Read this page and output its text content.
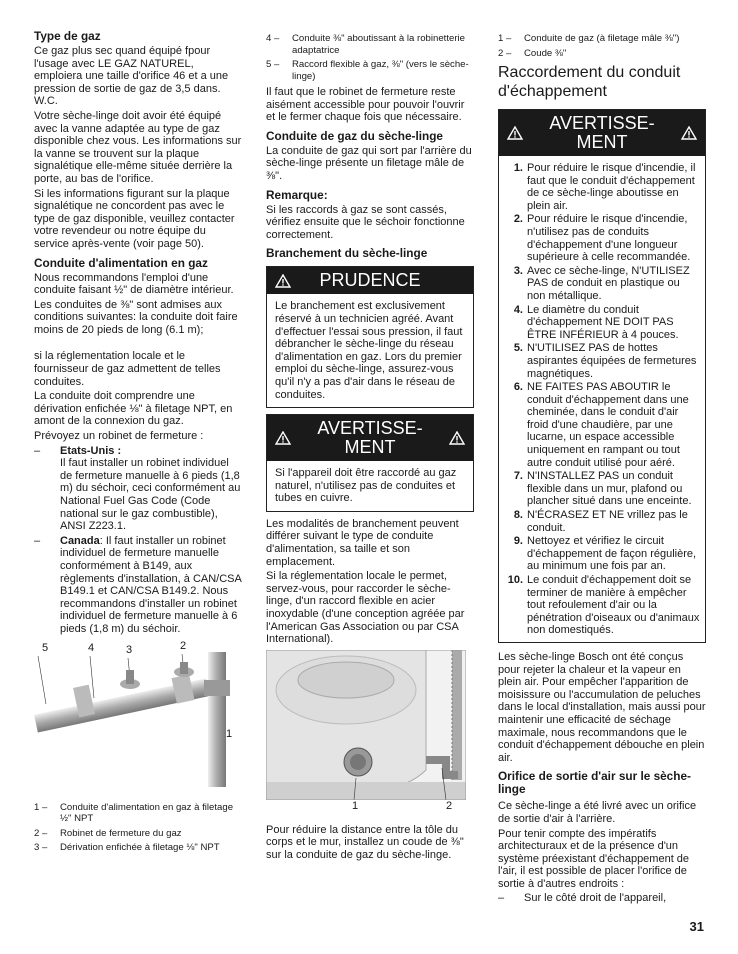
Type de gaz

Ce gaz plus sec quand équipé fpour l'usage avec LE GAZ NATUREL, emploiera une taille d'orifice 46 et a une pression de sortie de gaz de 3,5 dans. W.C.

Votre sèche-linge doit avoir été équipé avec la vanne adaptée au type de gaz disponible chez vous. Les informations sur la vanne se trouvent sur la plaque signalétique elle-même située derrière la porte, au bas de l'orifice.

Si les informations figurant sur la plaque signalétique ne concordent pas avec le type de gaz disponible, veuillez contacter votre revendeur ou notre équipe du service après-vente (voir page 50).

Conduite d'alimentation en gaz

Nous recommandons l'emploi d'une conduite faisant ½" de diamètre intérieur.

Les conduites de ⅜" sont admises aux conditions suivantes: la conduite doit faire moins de 20 pieds de long (6.1 m);

si la réglementation locale et le fournisseur de gaz admettent de telles conduites.

La conduite doit comprendre une dérivation enfichée ⅛" à filetage NPT, en amont de la connexion du gaz.

Prévoyez un robinet de fermeture :

–	Etats-Unis :
Il faut installer un robinet individuel de fermeture manuelle à 6 pieds (1,8 m) du séchoir, ceci conformément au National Fuel Gas Code (Code national sur le gaz combustible), ANSI Z223.1.
–	Canada: Il faut installer un robinet individuel de fermeture manuelle conformément à B149, aux règlements d'installation, à CAN/CSA B149.1 et CAN/CSA B149.2. Nous recommandons d'installer un robinet individuel de fermeture manuelle à 6 pieds (1,8 m) du séchoir.
5	4	3	2
1
1 –	Conduite d'alimentation en gaz à filetage ½" NPT
2 –	Robinet de fermeture du gaz
3 –	Dérivation enfichée à filetage ⅛" NPT
4 –	Conduite ⅜" aboutissant à la robinetterie adaptatrice
5 –	Raccord flexible à gaz, ⅜" (vers le sèche-linge)

Il faut que le robinet de fermeture reste aisément accessible pour pouvoir l'ouvrir et le fermer chaque fois que nécessaire.

Conduite de gaz du sèche-linge

La conduite de gaz qui sort par l'arrière du sèche-linge présente un filetage mâle de ⅜".

Remarque:

Si les raccords à gaz se sont cassés, vérifiez ensuite que le séchoir fonctionne correctement.

Branchement du sèche-linge
PRUDENCE
Le branchement est exclusivement réservé à un technicien agréé. Avant d'effectuer l'essai sous pression, il faut débrancher le sèche-linge du réseau d'alimentation en gaz. Lors du premier emploi du sèche-linge, assurez-vous qu'il n'y a pas d'air dans le réseau de conduites.
AVERTISSE-MENT
Si l'appareil doit être raccordé au gaz naturel, n'utilisez pas de conduites et tubes en cuivre.

Les modalités de branchement peuvent différer suivant le type de conduite d'alimentation, sa taille et son emplacement.

Si la réglementation locale le permet, servez-vous, pour raccorder le sèche-linge, d'un raccord flexible en acier inoxydable (d'une conception agréée par l'American Gas Association ou par CSA International).

1	2

Pour réduire la distance entre la tôle du corps et le mur, installez un coude de ⅜" sur la conduite de gaz du sèche-linge.

1 –	Conduite de gaz (à filetage mâle ⅜")
2 –	Coude ⅜"
Raccordement du conduit d'échappement
AVERTISSE-MENT
1. Pour réduire le risque d'incendie, il faut que le conduit d'échappement de ce sèche-linge aboutisse en plein air.
2. Pour réduire le risque d'incendie, n'utilisez pas de conduits d'échappement d'une longueur supérieure à celle recommandée.
3. Avec ce sèche-linge, N'UTILISEZ PAS de conduit en plastique ou non métallique.
4. Le diamètre du conduit d'échappement NE DOIT PAS ÊTRE INFÉRIEUR à 4 pouces.
5. N'UTILISEZ PAS de hottes aspirantes équipées de fermetures magnétiques.
6. NE FAITES PAS ABOUTIR le conduit d'échappement dans une cheminée, dans le conduit d'air froid d'une chaudière, par une lucarne, un espace accessible uniquement en rampant ou tout autre conduit utilisé pour aéré.
7. N'INSTALLEZ PAS un conduit flexible dans un mur, plafond ou plancher situé dans une enceinte.
8. N'ÉCRASEZ ET NE vrillez pas le conduit.
9. Nettoyez et vérifiez le circuit d'échappement de façon régulière, au minimum une fois par an.
10. Le conduit d'échappement doit se terminer de manière à empêcher tout refoulement d'air ou la pénétration d'oiseaux ou d'animaux non domestiqués.

Les sèche-linge Bosch ont été conçus pour rejeter la chaleur et la vapeur en plein air. Pour empêcher l'apparition de moisissure ou l'accumulation de peluches dans le local d'installation, mais aussi pour maintenir une efficacité de séchage maximale, nous recommandons que le conduit d'échappement débouche en plein air.

Orifice de sortie d'air sur le sèche-linge

Ce sèche-linge a été livré avec un orifice de sortie d'air à l'arrière.

Pour tenir compte des impératifs architecturaux et de la présence d'un système préexistant d'échappement de l'air, il est possible de placer l'orifice de sortie à d'autres endroits :

–	Sur le côté droit de l'appareil,
31
